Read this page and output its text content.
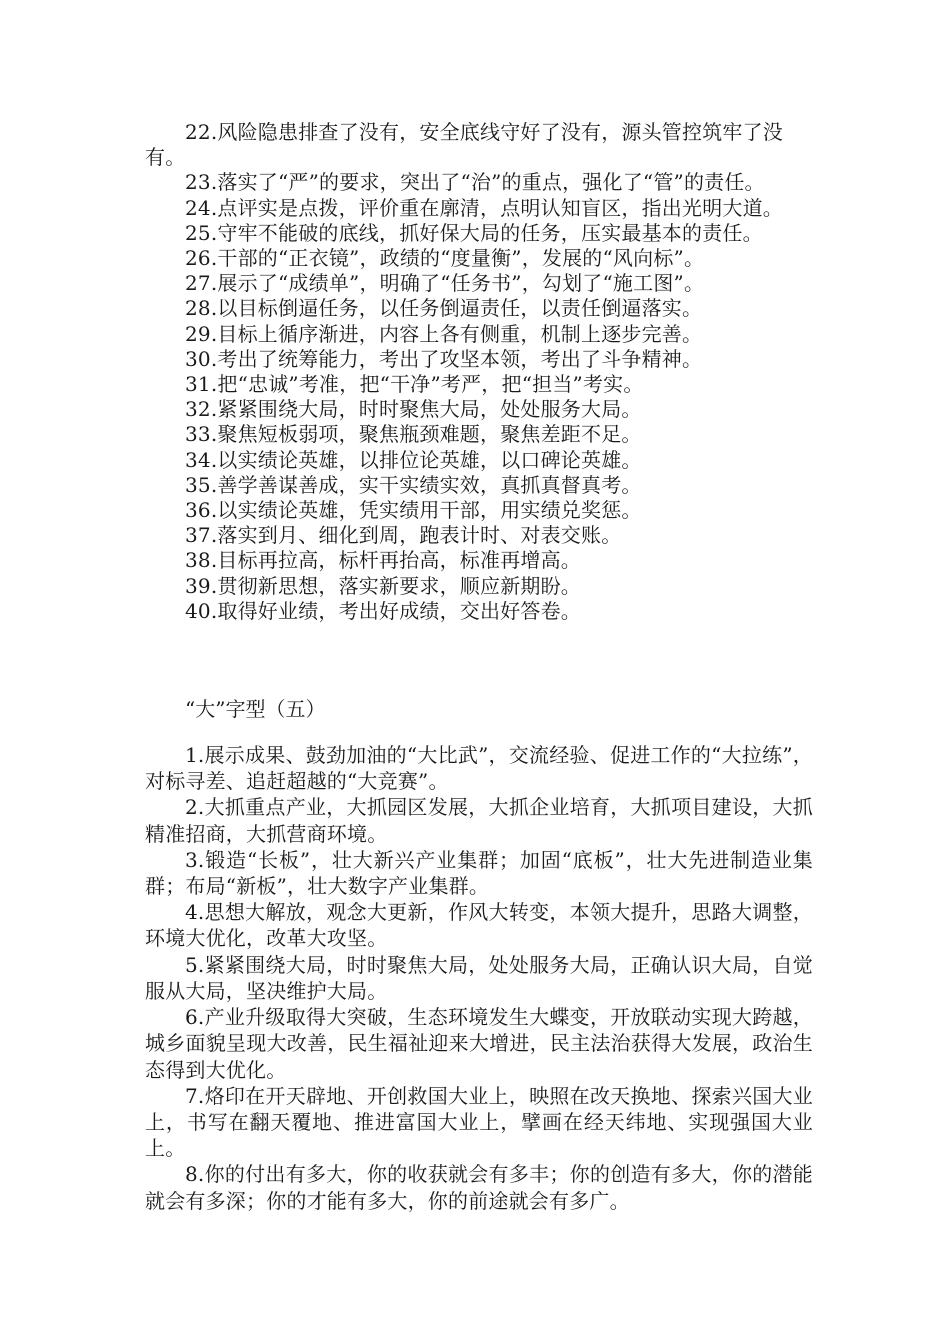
22.风险隐患排查了没有，安全底线守好了没有，源头管控筑牢了没有。

23.落实了“严”的要求，突出了“治”的重点，强化了“管”的责任。

24.点评实是点拨，评价重在廓清，点明认知盲区，指出光明大道。

25.守牢不能破的底线，抓好保大局的任务，压实最基本的责任。

26.干部的“正衣镜”，政绩的“度量衡”，发展的“风向标”。

27.展示了“成绩单”，明确了“任务书”，勾划了“施工图”。

28.以目标倒逼任务，以任务倒逼责任，以责任倒逼落实。

29.目标上循序渐进，内容上各有侧重，机制上逐步完善。

30.考出了统筹能力，考出了攻坚本领，考出了斗争精神。

31.把“忠诚”考准，把“干净”考严，把“担当”考实。

32.紧紧围绕大局，时时聚焦大局，处处服务大局。

33.聚焦短板弱项，聚焦瓶颈难题，聚焦差距不足。

34.以实绩论英雄，以排位论英雄，以口碑论英雄。

35.善学善谋善成，实干实绩实效，真抓真督真考。

36.以实绩论英雄，凭实绩用干部，用实绩兑奖惩。

37.落实到月、细化到周，跑表计时、对表交账。

38.目标再拉高，标杆再抬高，标准再增高。

39.贯彻新思想，落实新要求，顺应新期盼。

40.取得好业绩，考出好成绩，交出好答卷。

“大”字型（五）

1.展示成果、鼓劲加油的“大比武”，交流经验、促进工作的“大拉练”，对标寻差、追赶超越的“大竞赛”。

2.大抓重点产业，大抓园区发展，大抓企业培育，大抓项目建设，大抓精准招商，大抓营商环境。

3.锻造“长板”，壮大新兴产业集群；加固“底板”，壮大先进制造业集群；布局“新板”，壮大数字产业集群。

4.思想大解放，观念大更新，作风大转变，本领大提升，思路大调整，环境大优化，改革大攻坚。

5.紧紧围绕大局，时时聚焦大局，处处服务大局，正确认识大局，自觉服从大局，坚决维护大局。

6.产业升级取得大突破，生态环境发生大蝶变，开放联动实现大跨越，城乡面貌呈现大改善，民生福祉迎来大增进，民主法治获得大发展，政治生态得到大优化。

7.烙印在开天辟地、开创救国大业上，映照在改天换地、探索兴国大业上，书写在翻天覆地、推进富国大业上，擘画在经天纬地、实现强国大业上。

8.你的付出有多大，你的收获就会有多丰；你的创造有多大，你的潜能就会有多深；你的才能有多大，你的前途就会有多广。
